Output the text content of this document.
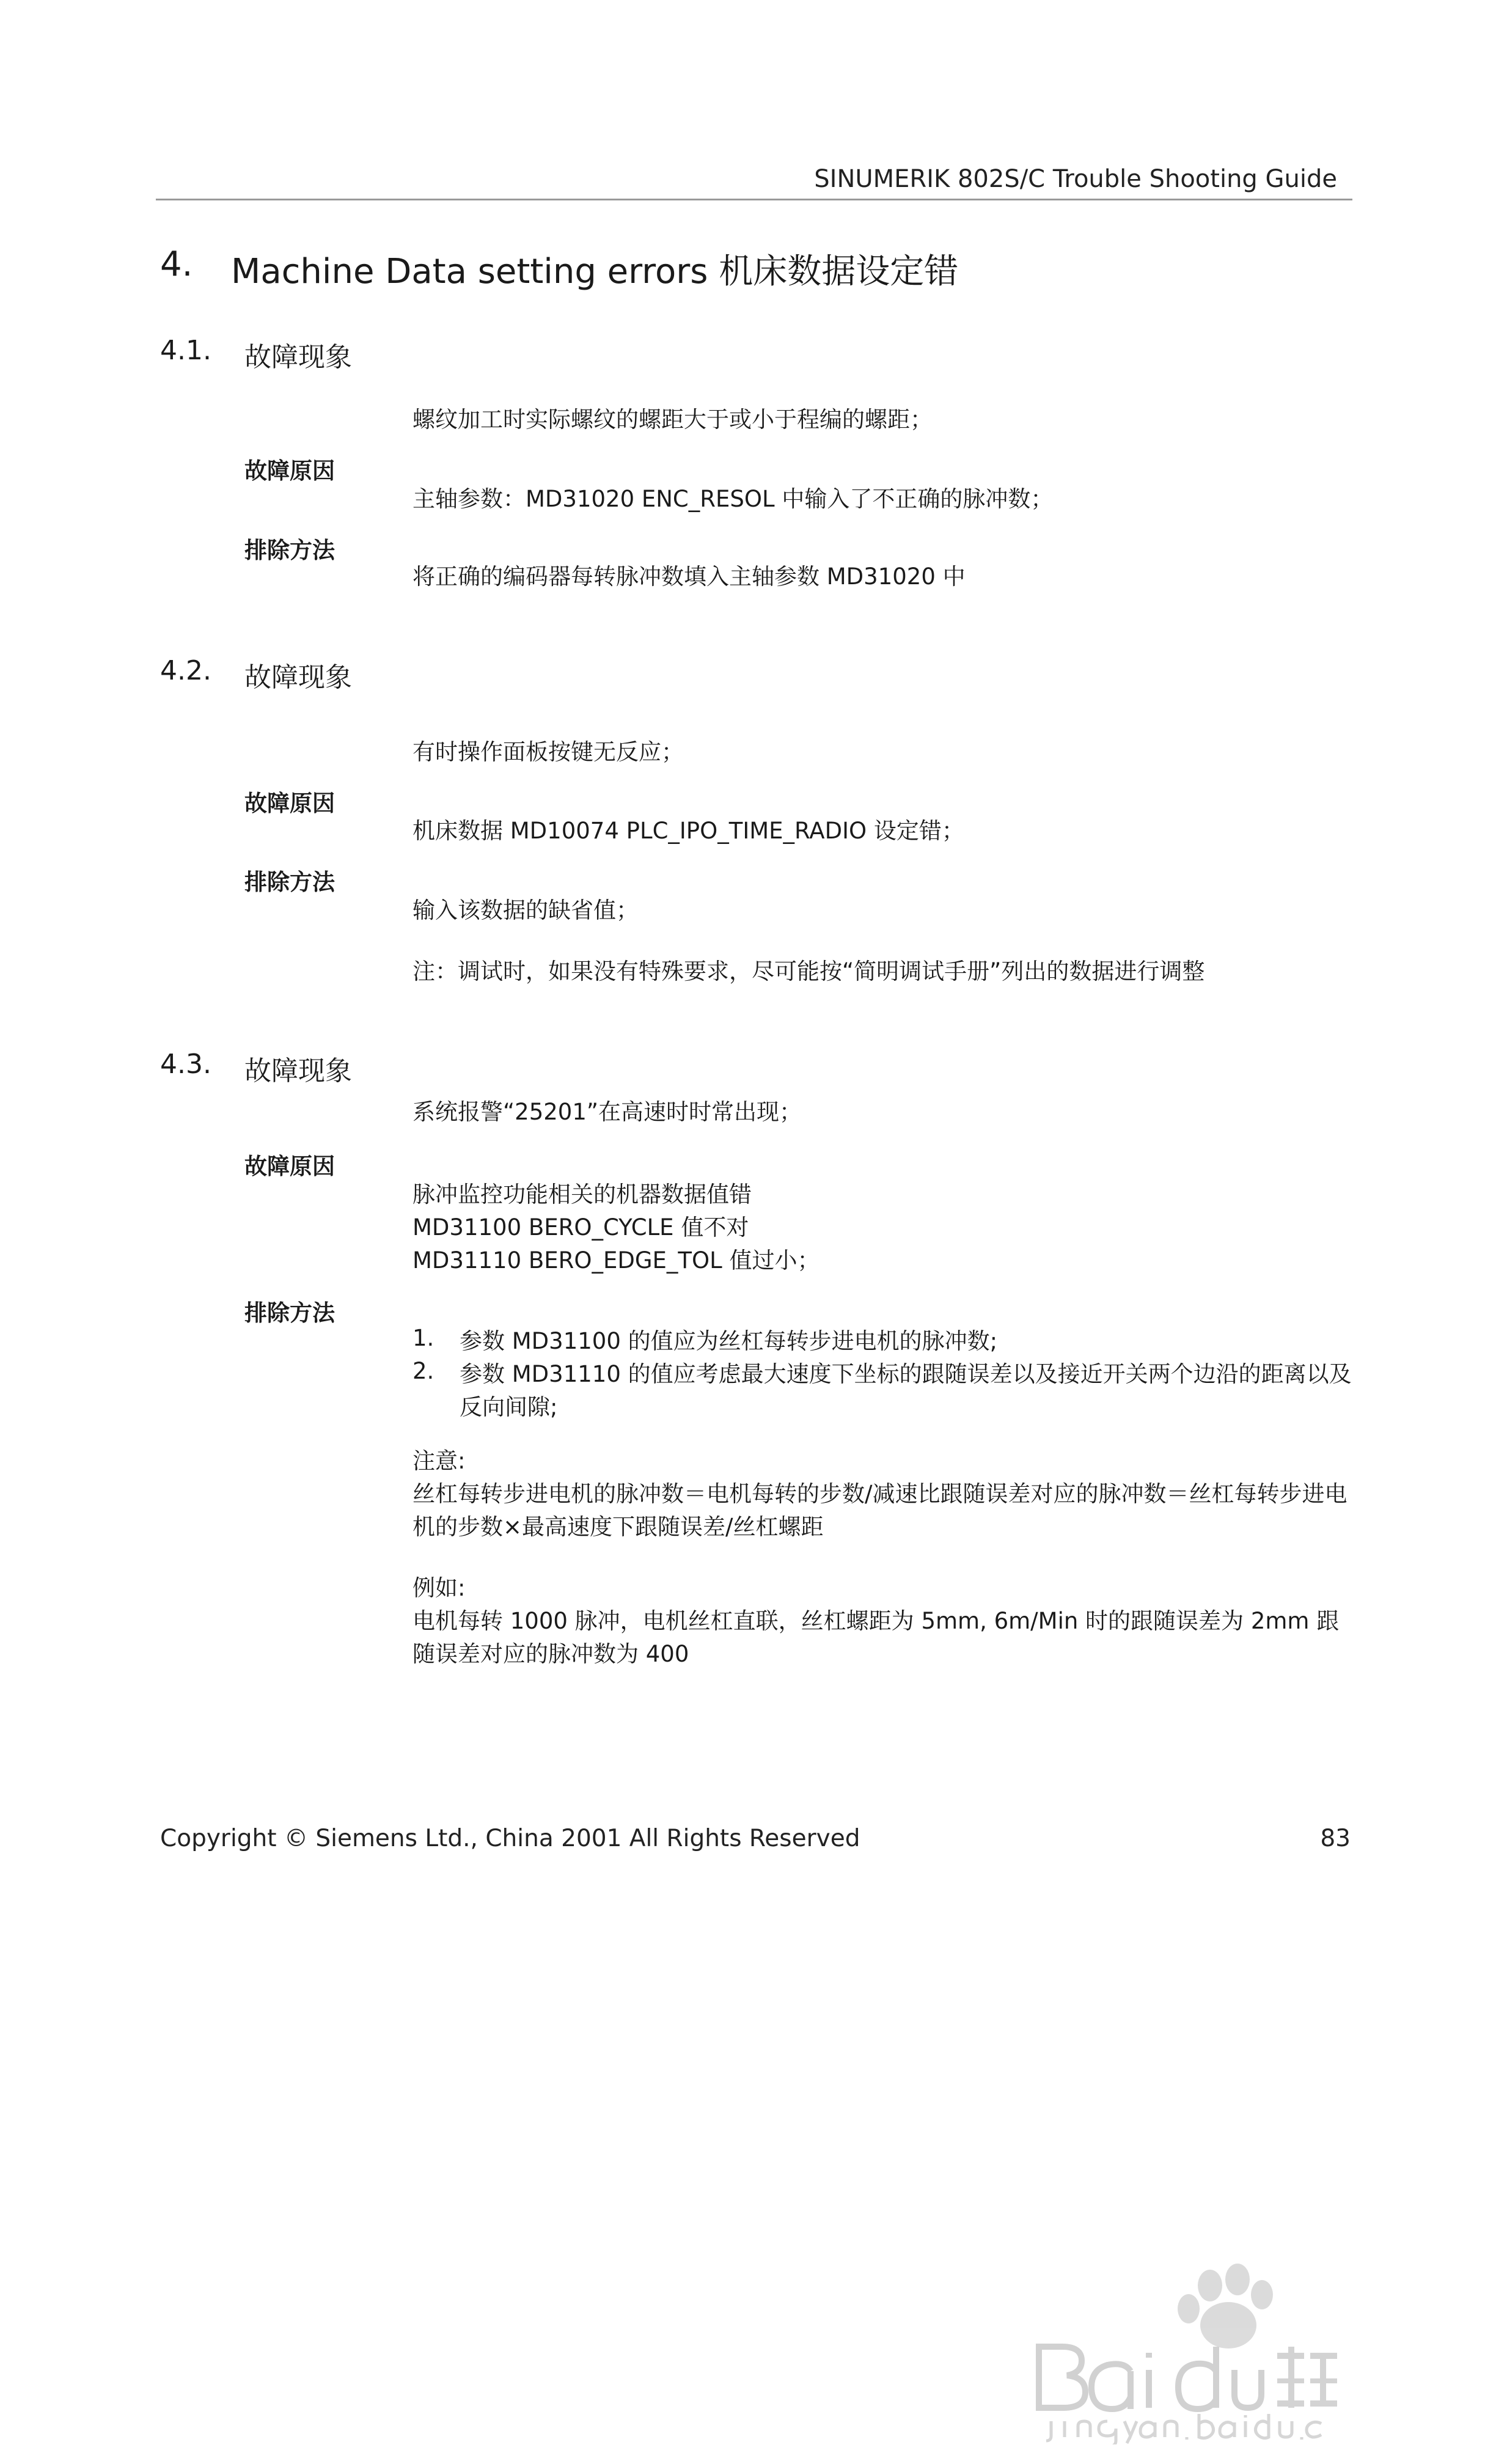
SINUMERIK 802S/C Trouble Shooting Guide
4. Machine Data setting errors 机床数据设定错
4.1. 故障现象
螺纹加工时实际螺纹的螺距大于或小于程编的螺距；
故障原因
主轴参数：MD31020 ENC_RESOL 中输入了不正确的脉冲数；
排除方法
将正确的编码器每转脉冲数填入主轴参数 MD31020 中
4.2. 故障现象
有时操作面板按键无反应；
故障原因
机床数据 MD10074 PLC_IPO_TIME_RADIO 设定错；
排除方法
输入该数据的缺省值；
注：调试时，如果没有特殊要求，尽可能按“简明调试手册”列出的数据进行调整
4.3. 故障现象
系统报警“25201”在高速时时常出现；
故障原因
脉冲监控功能相关的机器数据值错
MD31100 BERO_CYCLE 值不对
MD31110 BERO_EDGE_TOL 值过小；
排除方法
1. 参数 MD31100 的值应为丝杠每转步进电机的脉冲数;
2. 参数 MD31110 的值应考虑最大速度下坐标的跟随误差以及接近开关两个边沿的距离以及反向间隙;
注意:
丝杠每转步进电机的脉冲数＝电机每转的步数/减速比跟随误差对应的脉冲数＝丝杠每转步进电机的步数×最高速度下跟随误差/丝杠螺距
例如:
电机每转 1000 脉冲，电机丝杠直联，丝杠螺距为 5mm, 6m/Min 时的跟随误差为 2mm 跟随误差对应的脉冲数为 400
Copyright © Siemens Ltd., China 2001 All Rights Reserved	83
